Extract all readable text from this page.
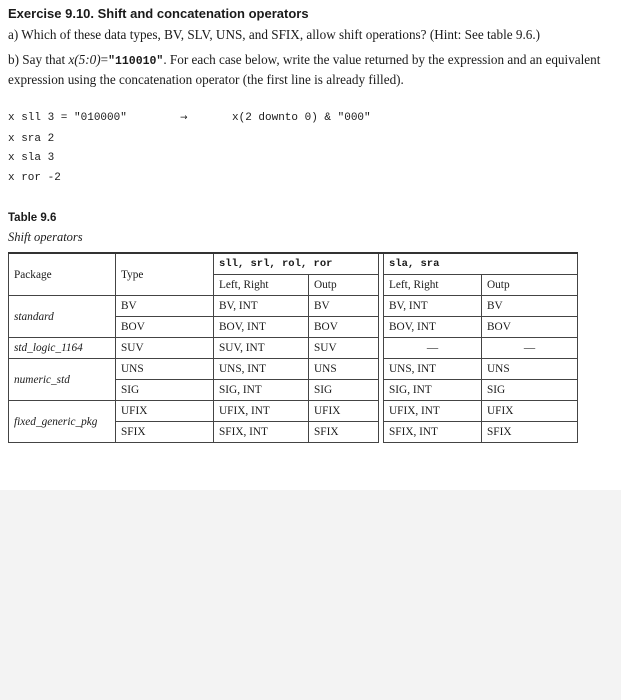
Exercise 9.10. Shift and concatenation operators
a) Which of these data types, BV, SLV, UNS, and SFIX, allow shift operations? (Hint: See table 9.6.)
b) Say that x(5:0)="110010". For each case below, write the value returned by the expression and an equivalent expression using the concatenation operator (the first line is already filled).
x sll 3 = "010000"
x sra 2
x sla 3
x ror -2
→	x(2 downto 0) & "000"
Table 9.6
Shift operators
Package	Type	sll, srl, rol, ror			sla, sra	
		Left, Right	Outp		Left, Right	Outp
standard	BV	BV, INT	BV		BV, INT	BV
	BOV	BOV, INT	BOV		BOV, INT	BOV
std_logic_1164	SUV	SUV, INT	SUV		—	—
numeric_std	UNS	UNS, INT	UNS		UNS, INT	UNS
	SIG	SIG, INT	SIG		SIG, INT	SIG
fixed_generic_pkg	UFIX	UFIX, INT	UFIX		UFIX, INT	UFIX
	SFIX	SFIX, INT	SFIX		SFIX, INT	SFIX
